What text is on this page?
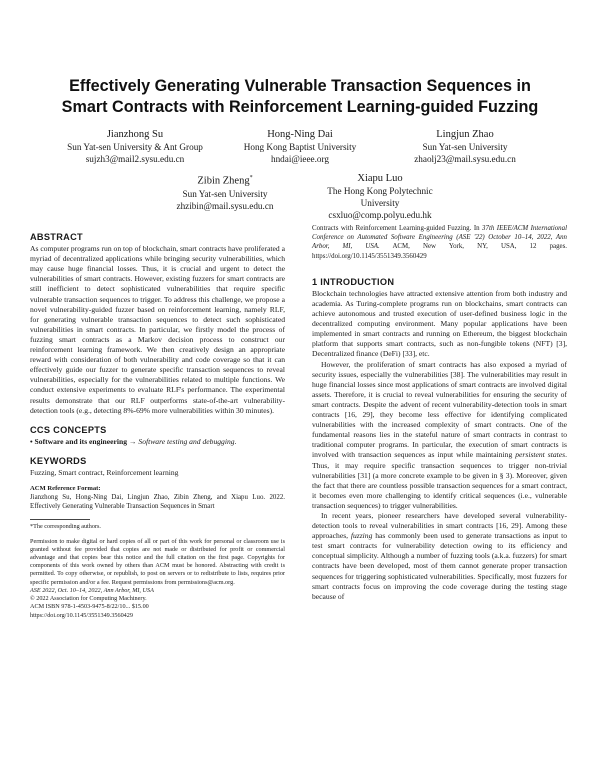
Effectively Generating Vulnerable Transaction Sequences in
Smart Contracts with Reinforcement Learning-guided Fuzzing
Jianzhong Su
Sun Yat-sen University & Ant Group
sujzh3@mail2.sysu.edu.cn
Hong-Ning Dai
Hong Kong Baptist University
hndai@ieee.org
Lingjun Zhao
Sun Yat-sen University
zhaolj23@mail.sysu.edu.cn
Zibin Zheng*
Sun Yat-sen University
zhzibin@mail.sysu.edu.cn
Xiapu Luo
The Hong Kong Polytechnic
University
csxluo@comp.polyu.edu.hk
ABSTRACT
As computer programs run on top of blockchain, smart contracts have proliferated a myriad of decentralized applications while bringing security vulnerabilities, which may cause huge financial losses. Thus, it is crucial and urgent to detect the vulnerabilities of smart contracts. However, existing fuzzers for smart contracts are still inefficient to detect sophisticated vulnerabilities that require specific vulnerable transaction sequences to trigger. To address this challenge, we propose a novel vulnerability-guided fuzzer based on reinforcement learning, namely RLF, for generating vulnerable transaction sequences to detect such sophisticated vulnerabilities in smart contracts. In particular, we firstly model the process of fuzzing smart contracts as a Markov decision process to construct our reinforcement learning framework. We then creatively design an appropriate reward with consideration of both vulnerability and code coverage so that it can effectively guide our fuzzer to generate specific transaction sequences to reveal vulnerabilities, especially for the vulnerabilities related to multiple functions. We conduct extensive experiments to evaluate RLF's performance. The experimental results demonstrate that our RLF outperforms state-of-the-art vulnerability-detection tools (e.g., detecting 8%-69% more vulnerabilities within 30 minutes).
CCS CONCEPTS
• Software and its engineering → Software testing and debugging.
KEYWORDS
Fuzzing, Smart contract, Reinforcement learning
ACM Reference Format:
Jianzhong Su, Hong-Ning Dai, Lingjun Zhao, Zibin Zheng, and Xiapu Luo. 2022. Effectively Generating Vulnerable Transaction Sequences in Smart
*The corresponding authors.
Permission to make digital or hard copies of all or part of this work for personal or classroom use is granted without fee provided that copies are not made or distributed for profit or commercial advantage and that copies bear this notice and the full citation on the first page. Copyrights for components of this work owned by others than ACM must be honored. Abstracting with credit is permitted. To copy otherwise, or republish, to post on servers or to redistribute to lists, requires prior specific permission and/or a fee. Request permissions from permissions@acm.org.
ASE 2022, Oct. 10–14, 2022, Ann Arbor, MI, USA
© 2022 Association for Computing Machinery.
ACM ISBN 978-1-4503-9475-8/22/10... $15.00
https://doi.org/10.1145/3551349.3560429
Contracts with Reinforcement Learning-guided Fuzzing. In 37th IEEE/ACM International Conference on Automated Software Engineering (ASE '22) October 10–14, 2022, Ann Arbor, MI, USA. ACM, New York, NY, USA, 12 pages. https://doi.org/10.1145/3551349.3560429
1 INTRODUCTION
Blockchain technologies have attracted extensive attention from both industry and academia. As Turing-complete programs run on blockchains, smart contracts can achieve autonomous and trusted execution of user-defined business logic in the decentralized computing environment. Many popular applications have been implemented in smart contracts and running on Ethereum, the biggest blockchain platform that supports smart contracts, such as non-fungible tokens (NFT) [3], Decentralized finance (DeFi) [33], etc.
However, the proliferation of smart contracts has also exposed a myriad of security issues, especially the vulnerabilities [38]. The vulnerabilities may result in huge financial losses since most applications of smart contracts are involved digital assets. Therefore, it is crucial to reveal vulnerabilities for ensuring the security of smart contracts. Despite the advent of recent vulnerability-detection tools in smart contracts [16, 29], they become less effective for identifying complicated vulnerabilities with the increased complexity of smart contracts. One of the fundamental reasons lies in the stateful nature of smart contracts in contrast to traditional computer programs. In particular, the execution of smart contracts is involved with transaction sequences as input while maintaining persistent states. Thus, it may require specific transaction sequences to trigger non-trivial vulnerabilities [31] (a more concrete example to be given in § 3). Moreover, given the fact that there are countless possible transaction sequences for a smart contract, it becomes even more challenging to identify critical sequences (i.e., vulnerable transaction sequences) to trigger vulnerabilities.
In recent years, pioneer researchers have developed several vulnerability-detection tools to reveal vulnerabilities in smart contracts [16, 29]. Among these approaches, fuzzing has commonly been used to generate transactions as input to test smart contracts for vulnerability detection owing to its efficiency and conceptual simplicity. Although a number of fuzzing tools (a.k.a. fuzzers) for smart contracts have been developed, most of them cannot generate proper transaction sequences for triggering sophisticated vulnerabilities. Specifically, most fuzzers for smart contracts focus on improving the code coverage during the testing stage because of
